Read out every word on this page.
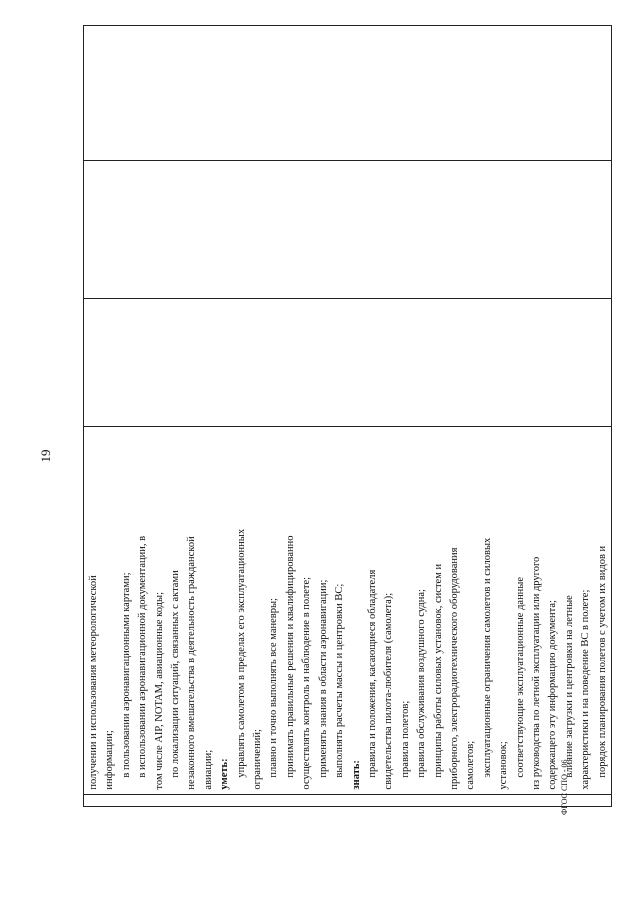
19

получении и использования метеорологической информации; в пользовании аэронавигационными картами; в использовании аэронавигационной документации, в том числе AIP, NOTAM, авиационные коды; по локализации ситуаций, связанных с актами незаконного вмешательства в деятельность гражданской авиации; уметь: управлять самолетом в пределах его эксплуатационных ограничений; плавно и точно выполнять все маневры; принимать правильные решения и квалифицированно осуществлять контроль и наблюдение в полете; применять знания в области аэронавигации; выполнять расчеты массы и центровки ВС; знать: правила и положения, касающиеся обладателя свидетельства пилота-любителя (самолета); правила полетов; правила обслуживания воздушного судна; принципы работы силовых установок, систем и приборного, электрорадиотехнического оборудования самолетов; эксплуатационные ограничения самолетов и силовых установок; соответствующие эксплуатационные данные из руководства по летной эксплуатации или другого содержащего эту информацию документа; влияние загрузки и центровки на летные характеристики и на поведение ВС в полете; порядок планирования полетов с учетом их видов и

ФГОС СПО - 06
